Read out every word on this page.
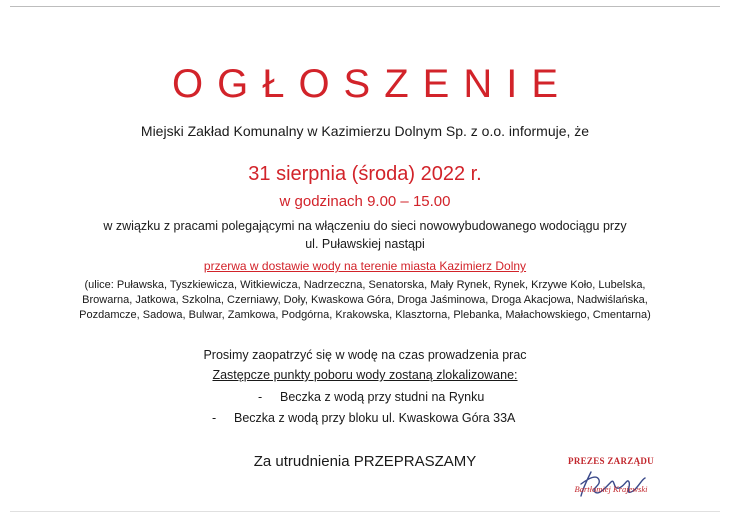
OGŁOSZENIE
Miejski Zakład Komunalny w Kazimierzu Dolnym Sp. z o.o. informuje, że
31 sierpnia (środa) 2022 r.
w godzinach 9.00 – 15.00
w związku z pracami polegającymi na włączeniu do sieci nowowybudowanego wodociągu przy
ul. Puławskiej nastąpi
przerwa w dostawie wody na terenie miasta Kazimierz Dolny
(ulice: Puławska, Tyszkiewicza, Witkiewicza, Nadrzeczna, Senatorska, Mały Rynek, Rynek, Krzywe Koło, Lubelska,
Browarna, Jatkowa, Szkolna, Czerniawy, Doły, Kwaskowa Góra, Droga Jaśminowa, Droga Akacjowa, Nadwiślańska,
Pozdamcze, Sadowa, Bulwar, Zamkowa, Podgórna, Krakowska, Klasztorna, Plebanka, Małachowskiego, Cmentarna)
Prosimy zaopatrzyć się w wodę na czas prowadzenia prac
Zastępcze punkty poboru wody zostaną zlokalizowane:
- Beczka z wodą przy studni na Rynku
- Beczka z wodą przy bloku ul. Kwaskowa Góra 33A
Za utrudnienia PRZEPRASZAMY	PREZES ZARZĄDU
Bartłomiej Krajewski
